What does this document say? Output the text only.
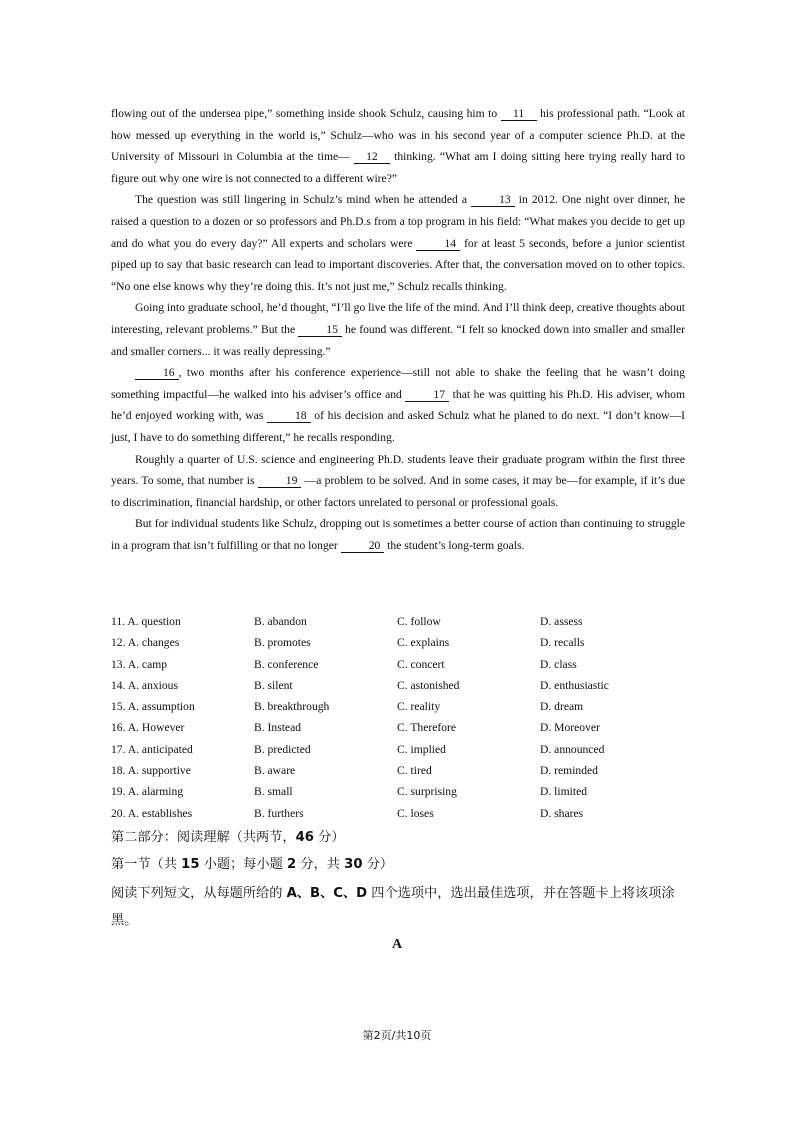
flowing out of the undersea pipe,” something inside shook Schulz, causing him to 11 his professional path. “Look at how messed up everything in the world is,” Schulz—who was in his second year of a computer science Ph.D. at the University of Missouri in Columbia at the time— 12 thinking. “What am I doing sitting here trying really hard to figure out why one wire is not connected to a different wire?”

The question was still lingering in Schulz’s mind when he attended a 13 in 2012. One night over dinner, he raised a question to a dozen or so professors and Ph.D.s from a top program in his field: “What makes you decide to get up and do what you do every day?” All experts and scholars were 14 for at least 5 seconds, before a junior scientist piped up to say that basic research can lead to important discoveries. After that, the conversation moved on to other topics. “No one else knows why they’re doing this. It’s not just me,” Schulz recalls thinking.

Going into graduate school, he’d thought, “I’ll go live the life of the mind. And I’ll think deep, creative thoughts about interesting, relevant problems.” But the 15 he found was different. “I felt so knocked down into smaller and smaller and smaller corners... it was really depressing.”

16 , two months after his conference experience—still not able to shake the feeling that he wasn’t doing something impactful—he walked into his adviser’s office and 17 that he was quitting his Ph.D. His adviser, whom he’d enjoyed working with, was 18 of his decision and asked Schulz what he planed to do next. “I don’t know—I just, I have to do something different,” he recalls responding.

Roughly a quarter of U.S. science and engineering Ph.D. students leave their graduate program within the first three years. To some, that number is 19 —a problem to be solved. And in some cases, it may be—for example, if it’s due to discrimination, financial hardship, or other factors unrelated to personal or professional goals.

But for individual students like Schulz, dropping out is sometimes a better course of action than continuing to struggle in a program that isn’t fulfilling or that no longer 20 the student’s long-term goals.

11. A. question	B. abandon	C. follow	D. assess
12. A. changes	B. promotes	C. explains	D. recalls
13. A. camp	B. conference	C. concert	D. class
14. A. anxious	B. silent	C. astonished	D. enthusiastic
15. A. assumption	B. breakthrough	C. reality	D. dream
16. A. However	B. Instead	C. Therefore	D. Moreover
17. A. anticipated	B. predicted	C. implied	D. announced
18. A. supportive	B. aware	C. tired	D. reminded
19. A. alarming	B. small	C. surprising	D. limited
20. A. establishes	B. furthers	C. loses	D. shares
第二部分：阅读理解（共两节，46 分）
第一节（共 15 小题；每小题 2 分，共 30 分）
阅读下列短文，从每题所给的 A、B、C、D 四个选项中，选出最佳选项，并在答题卡上将该项涂黑。
A
第2页/共10页
